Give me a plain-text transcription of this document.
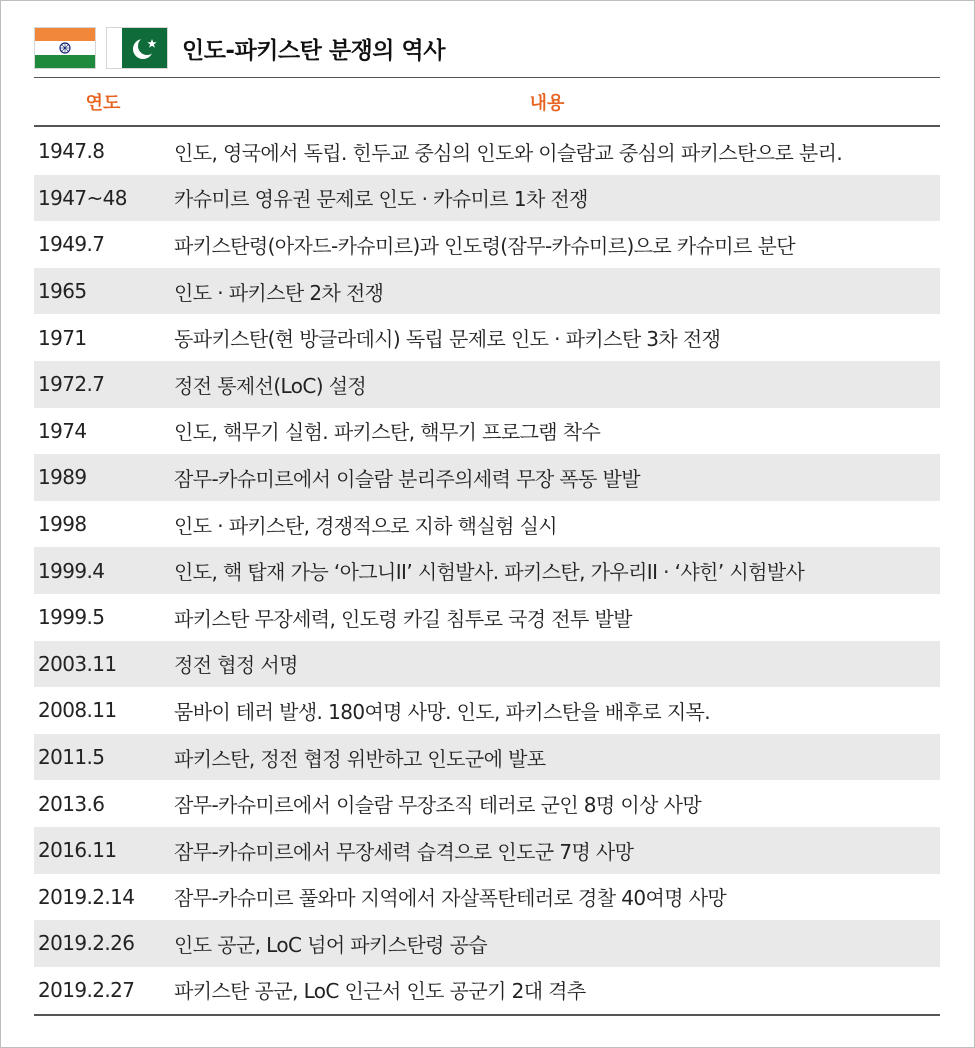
인도-파키스탄 분쟁의 역사
연도	내용
1947.8	인도, 영국에서 독립. 힌두교 중심의 인도와 이슬람교 중심의 파키스탄으로 분리.
1947~48	카슈미르 영유권 문제로 인도 · 카슈미르 1차 전쟁
1949.7	파키스탄령(아자드-카슈미르)과 인도령(잠무-카슈미르)으로 카슈미르 분단
1965	인도 · 파키스탄 2차 전쟁
1971	동파키스탄(현 방글라데시) 독립 문제로 인도 · 파키스탄 3차 전쟁
1972.7	정전 통제선(LoC) 설정
1974	인도, 핵무기 실험. 파키스탄, 핵무기 프로그램 착수
1989	잠무-카슈미르에서 이슬람 분리주의세력 무장 폭동 발발
1998	인도 · 파키스탄, 경쟁적으로 지하 핵실험 실시
1999.4	인도, 핵 탑재 가능 ‘아그니II’ 시험발사. 파키스탄, 가우리II · ‘샤힌’ 시험발사
1999.5	파키스탄 무장세력, 인도령 카길 침투로 국경 전투 발발
2003.11	정전 협정 서명
2008.11	뭄바이 테러 발생. 180여명 사망. 인도, 파키스탄을 배후로 지목.
2011.5	파키스탄, 정전 협정 위반하고 인도군에 발포
2013.6	잠무-카슈미르에서 이슬람 무장조직 테러로 군인 8명 이상 사망
2016.11	잠무-카슈미르에서 무장세력 습격으로 인도군 7명 사망
2019.2.14	잠무-카슈미르 풀와마 지역에서 자살폭탄테러로 경찰 40여명 사망
2019.2.26	인도 공군, LoC 넘어 파키스탄령 공습
2019.2.27	파키스탄 공군, LoC 인근서 인도 공군기 2대 격추
